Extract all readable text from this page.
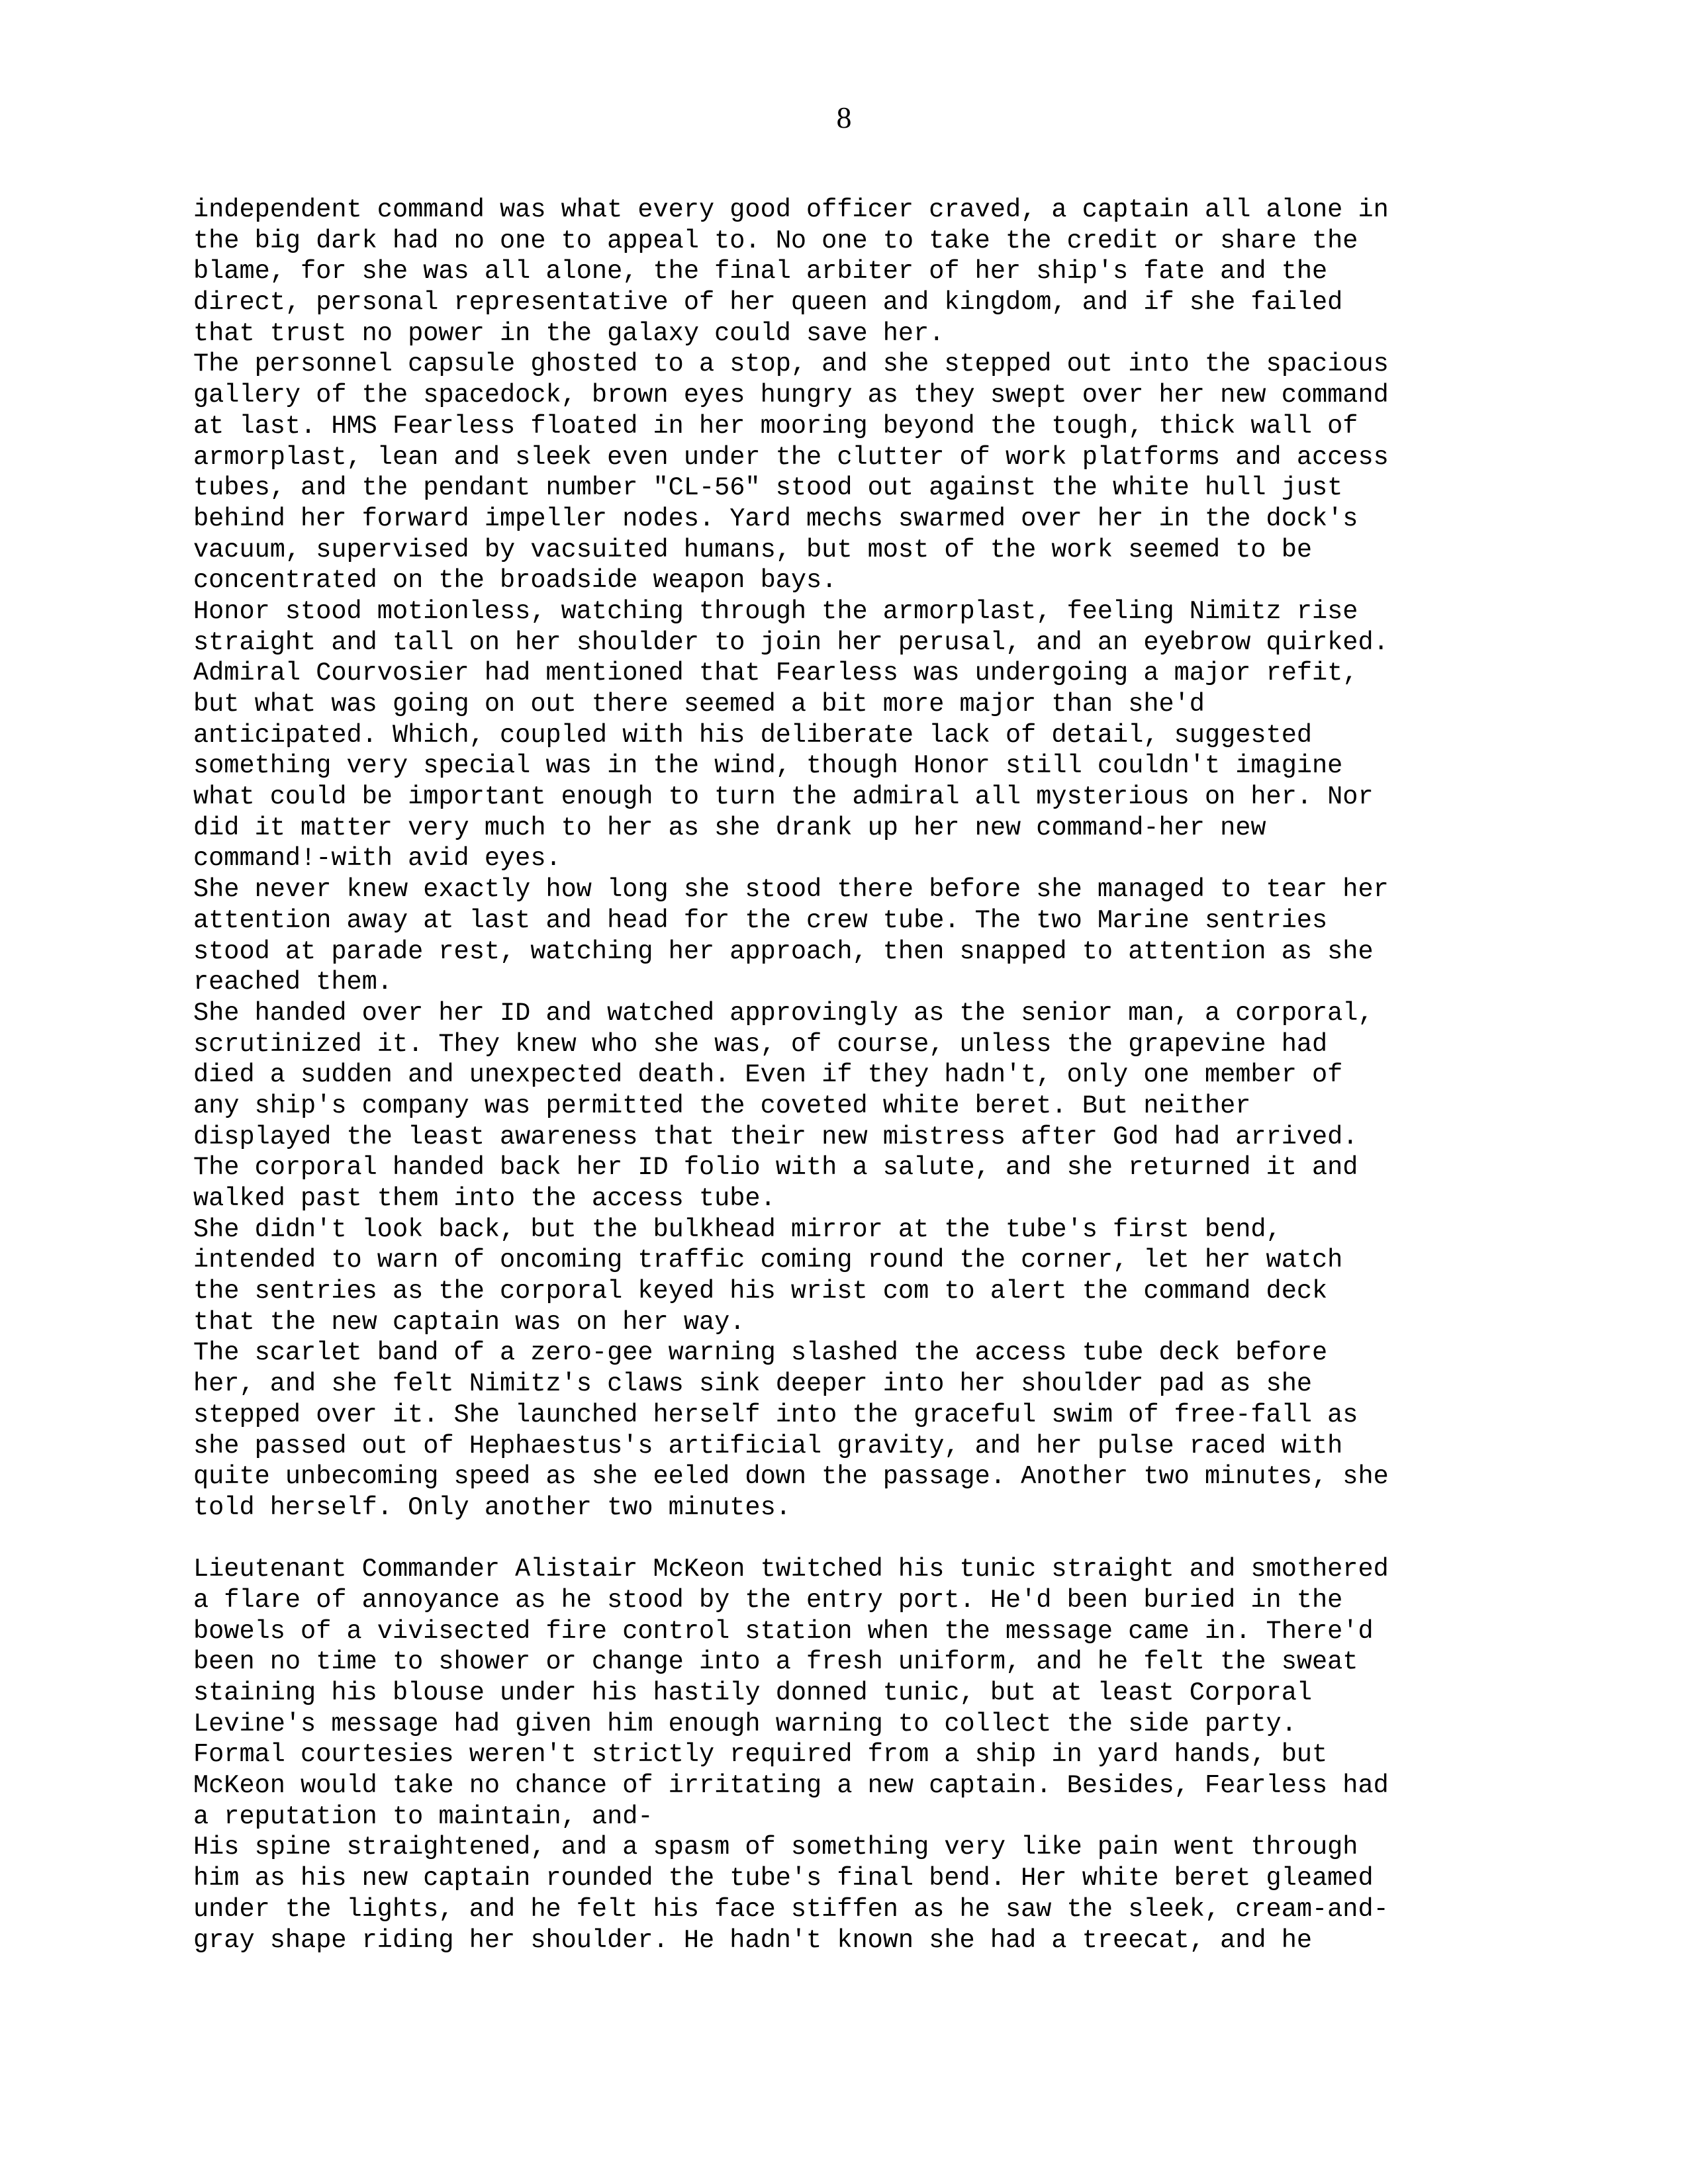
8
independent command was what every good officer craved, a captain all alone in
the big dark had no one to appeal to. No one to take the credit or share the
blame, for she was all alone, the final arbiter of her ship's fate and the
direct, personal representative of her queen and kingdom, and if she failed
that trust no power in the galaxy could save her.
The personnel capsule ghosted to a stop, and she stepped out into the spacious
gallery of the spacedock, brown eyes hungry as they swept over her new command
at last. HMS Fearless floated in her mooring beyond the tough, thick wall of
armorplast, lean and sleek even under the clutter of work platforms and access
tubes, and the pendant number "CL-56" stood out against the white hull just
behind her forward impeller nodes. Yard mechs swarmed over her in the dock's
vacuum, supervised by vacsuited humans, but most of the work seemed to be
concentrated on the broadside weapon bays.
Honor stood motionless, watching through the armorplast, feeling Nimitz rise
straight and tall on her shoulder to join her perusal, and an eyebrow quirked.
Admiral Courvosier had mentioned that Fearless was undergoing a major refit,
but what was going on out there seemed a bit more major than she'd
anticipated. Which, coupled with his deliberate lack of detail, suggested
something very special was in the wind, though Honor still couldn't imagine
what could be important enough to turn the admiral all mysterious on her. Nor
did it matter very much to her as she drank up her new command-her new
command!-with avid eyes.
She never knew exactly how long she stood there before she managed to tear her
attention away at last and head for the crew tube. The two Marine sentries
stood at parade rest, watching her approach, then snapped to attention as she
reached them.
She handed over her ID and watched approvingly as the senior man, a corporal,
scrutinized it. They knew who she was, of course, unless the grapevine had
died a sudden and unexpected death. Even if they hadn't, only one member of
any ship's company was permitted the coveted white beret. But neither
displayed the least awareness that their new mistress after God had arrived.
The corporal handed back her ID folio with a salute, and she returned it and
walked past them into the access tube.
She didn't look back, but the bulkhead mirror at the tube's first bend,
intended to warn of oncoming traffic coming round the corner, let her watch
the sentries as the corporal keyed his wrist com to alert the command deck
that the new captain was on her way.
The scarlet band of a zero-gee warning slashed the access tube deck before
her, and she felt Nimitz's claws sink deeper into her shoulder pad as she
stepped over it. She launched herself into the graceful swim of free-fall as
she passed out of Hephaestus's artificial gravity, and her pulse raced with
quite unbecoming speed as she eeled down the passage. Another two minutes, she
told herself. Only another two minutes.
Lieutenant Commander Alistair McKeon twitched his tunic straight and smothered
a flare of annoyance as he stood by the entry port. He'd been buried in the
bowels of a vivisected fire control station when the message came in. There'd
been no time to shower or change into a fresh uniform, and he felt the sweat
staining his blouse under his hastily donned tunic, but at least Corporal
Levine's message had given him enough warning to collect the side party.
Formal courtesies weren't strictly required from a ship in yard hands, but
McKeon would take no chance of irritating a new captain. Besides, Fearless had
a reputation to maintain, and-
His spine straightened, and a spasm of something very like pain went through
him as his new captain rounded the tube's final bend. Her white beret gleamed
under the lights, and he felt his face stiffen as he saw the sleek, cream-and-
gray shape riding her shoulder. He hadn't known she had a treecat, and he
